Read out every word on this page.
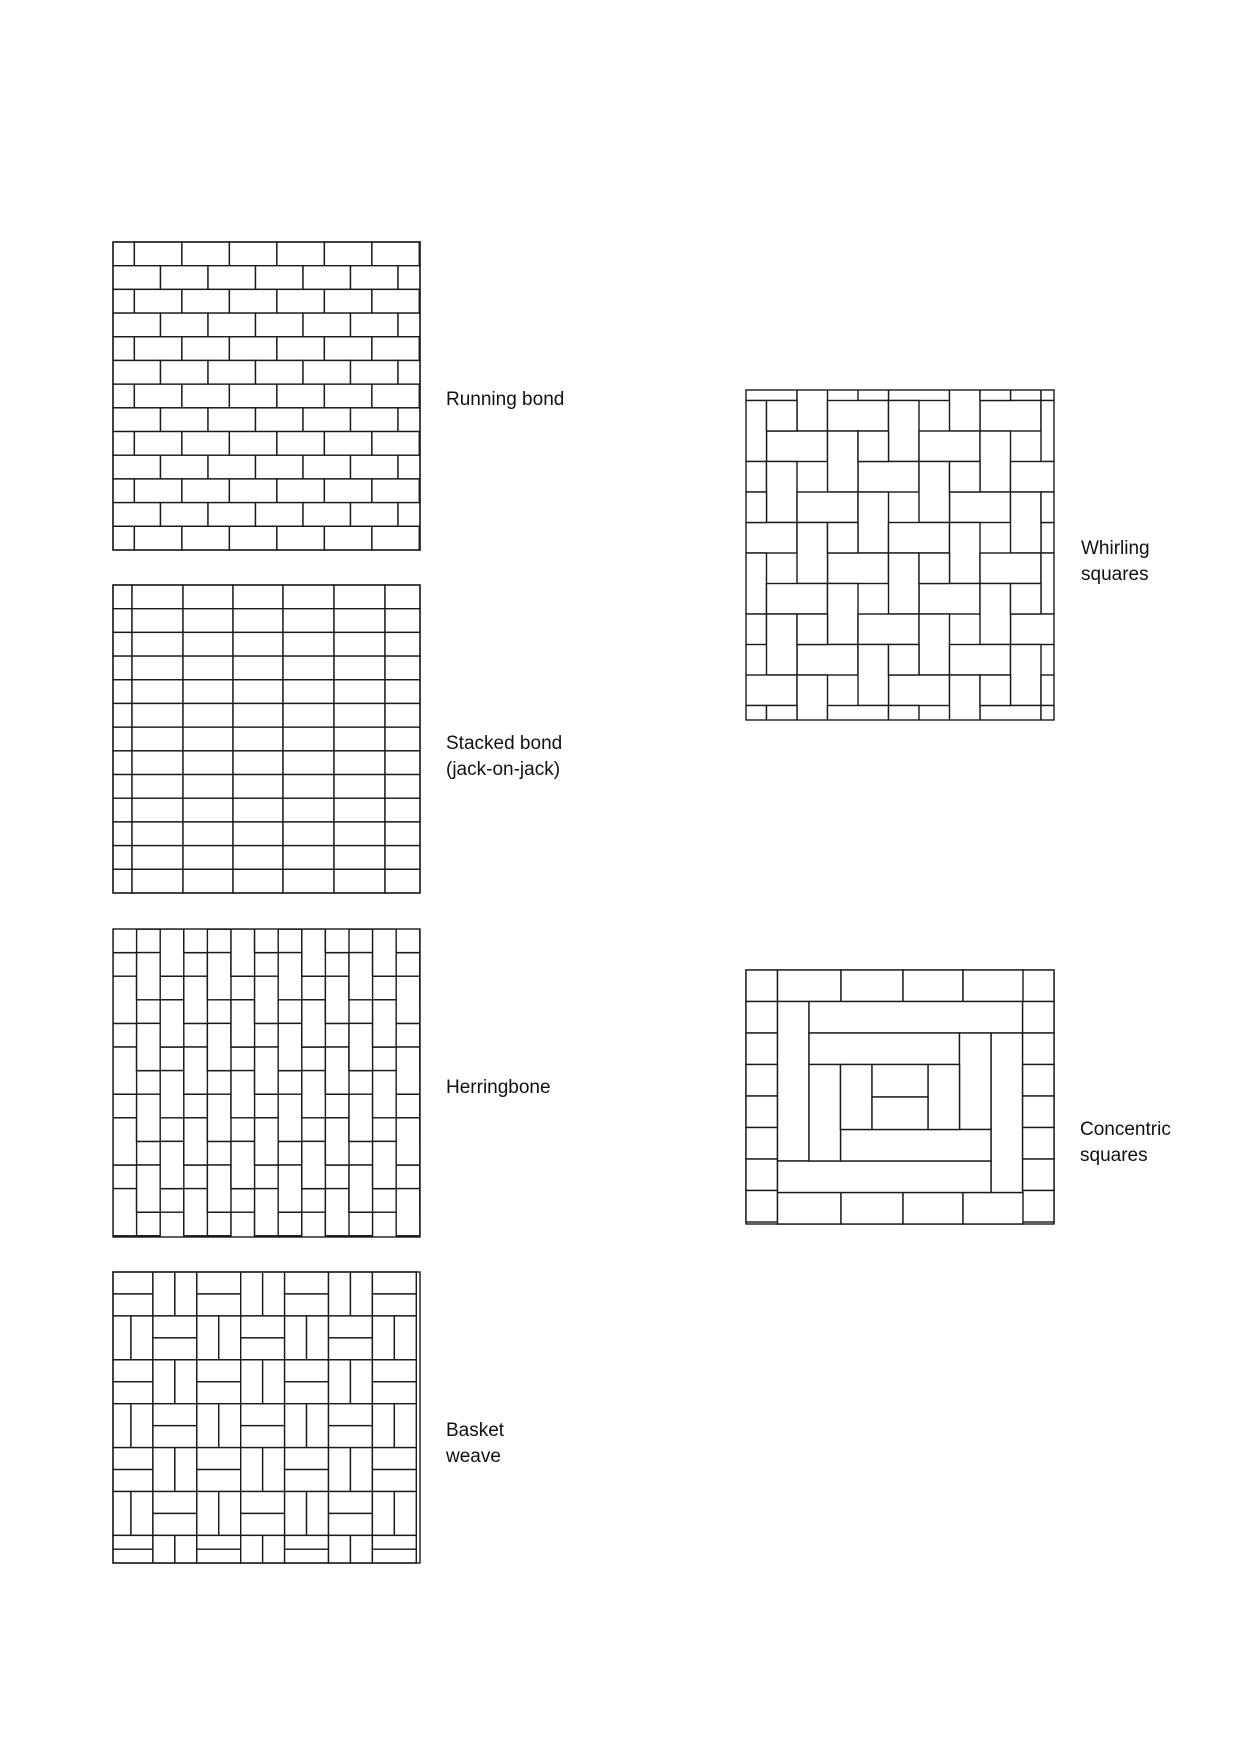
Running bond
Stacked bond
(jack-on-jack)
Herringbone
Basket
weave
Whirling
squares
Concentric
squares
